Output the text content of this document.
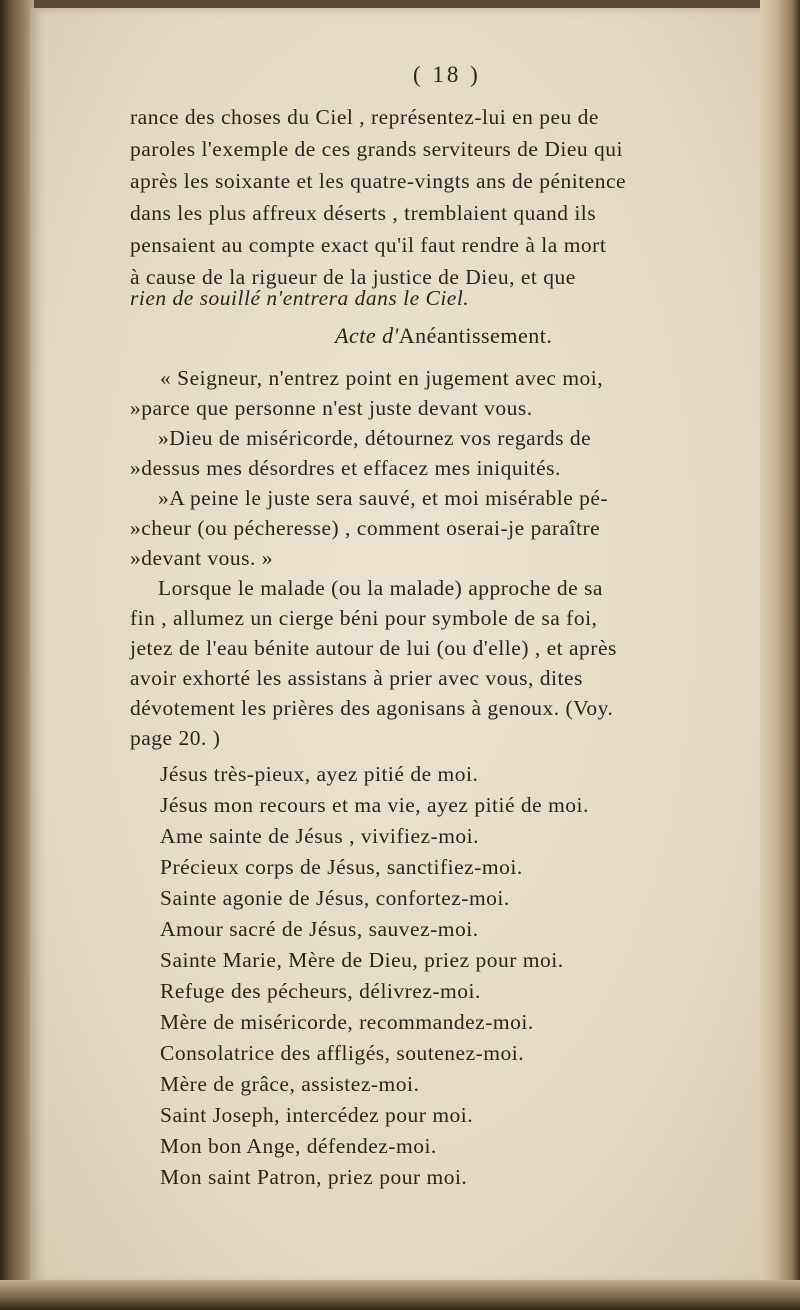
( 18 )
rance des choses du Ciel , représentez-lui en peu de
paroles l'exemple de ces grands serviteurs de Dieu qui
après les soixante et les quatre-vingts ans de pénitence
dans les plus affreux déserts , tremblaient quand ils
pensaient au compte exact qu'il faut rendre à la mort
à cause de la rigueur de la justice de Dieu, et que
rien de souillé n'entrera dans le Ciel.
Acte d'Anéantissement.
« Seigneur, n'entrez point en jugement avec moi,
»parce que personne n'est juste devant vous.
»Dieu de miséricorde, détournez vos regards de
»dessus mes désordres et effacez mes iniquités.
»A peine le juste sera sauvé, et moi misérable pé-
»cheur (ou pécheresse) , comment oserai-je paraître
»devant vous. »
Lorsque le malade (ou la malade) approche de sa
fin , allumez un cierge béni pour symbole de sa foi,
jetez de l'eau bénite autour de lui (ou d'elle) , et après
avoir exhorté les assistans à prier avec vous, dites
dévotement les prières des agonisans à genoux. (Voy.
page 20. )
Jésus très-pieux, ayez pitié de moi.
Jésus mon recours et ma vie, ayez pitié de moi.
Ame sainte de Jésus , vivifiez-moi.
Précieux corps de Jésus, sanctifiez-moi.
Sainte agonie de Jésus, confortez-moi.
Amour sacré de Jésus, sauvez-moi.
Sainte Marie, Mère de Dieu, priez pour moi.
Refuge des pécheurs, délivrez-moi.
Mère de miséricorde, recommandez-moi.
Consolatrice des affligés, soutenez-moi.
Mère de grâce, assistez-moi.
Saint Joseph, intercédez pour moi.
Mon bon Ange, défendez-moi.
Mon saint Patron, priez pour moi.
